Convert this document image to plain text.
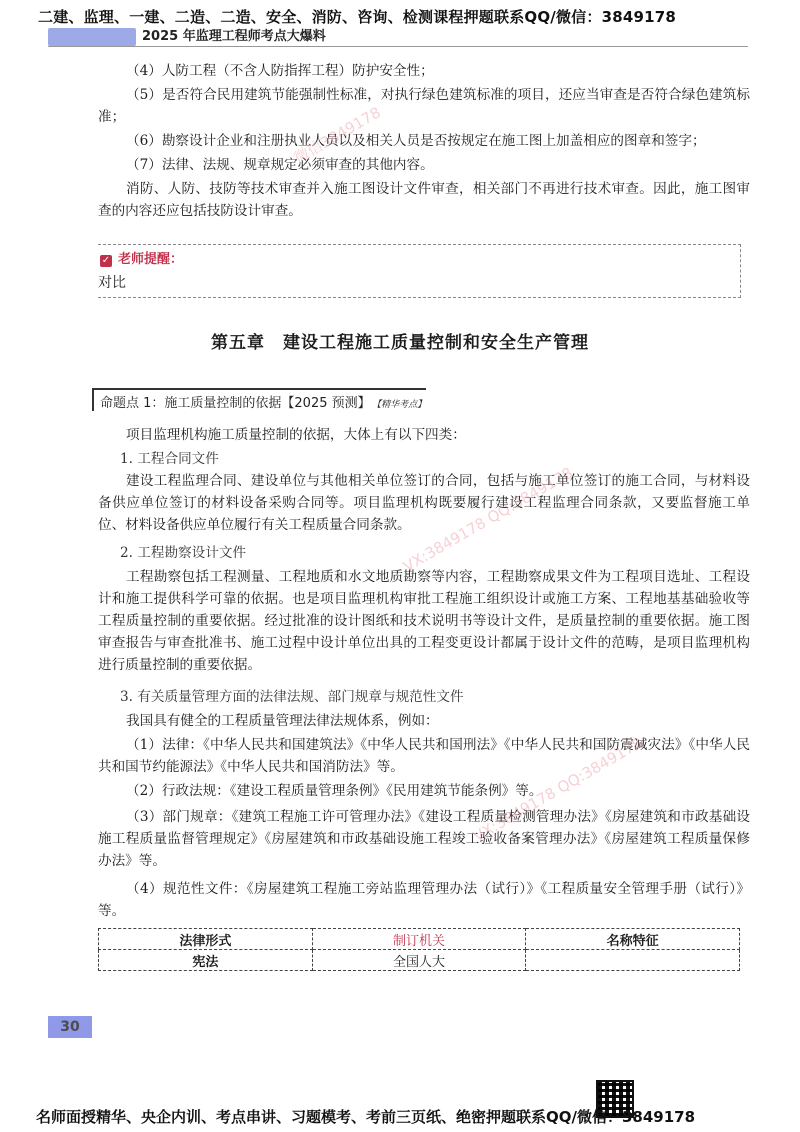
二建、监理、一建、二造、二造、安全、消防、咨询、检测课程押题联系QQ/微信：3849178
2025 年监理工程师考点大爆料
（4）人防工程（不含人防指挥工程）防护安全性；
（5）是否符合民用建筑节能强制性标准，对执行绿色建筑标准的项目，还应当审查是否符合绿色建筑标准；
（6）勘察设计企业和注册执业人员以及相关人员是否按规定在施工图上加盖相应的图章和签字；
（7）法律、法规、规章规定必须审查的其他内容。
消防、人防、技防等技术审查并入施工图设计文件审查，相关部门不再进行技术审查。因此，施工图审查的内容还应包括技防设计审查。
✓ 老师提醒：
对比
第五章　建设工程施工质量控制和安全生产管理
命题点 1：施工质量控制的依据【2025 预测】 【精华考点】
项目监理机构施工质量控制的依据，大体上有以下四类：
1. 工程合同文件
建设工程监理合同、建设单位与其他相关单位签订的合同，包括与施工单位签订的施工合同，与材料设备供应单位签订的材料设备采购合同等。项目监理机构既要履行建设工程监理合同条款，又要监督施工单位、材料设备供应单位履行有关工程质量合同条款。
2. 工程勘察设计文件
工程勘察包括工程测量、工程地质和水文地质勘察等内容，工程勘察成果文件为工程项目选址、工程设计和施工提供科学可靠的依据。也是项目监理机构审批工程施工组织设计或施工方案、工程地基基础验收等工程质量控制的重要依据。经过批准的设计图纸和技术说明书等设计文件，是质量控制的重要依据。施工图审查报告与审查批准书、施工过程中设计单位出具的工程变更设计都属于设计文件的范畴，是项目监理机构进行质量控制的重要依据。
3. 有关质量管理方面的法律法规、部门规章与规范性文件
我国具有健全的工程质量管理法律法规体系，例如：
（1）法律：《中华人民共和国建筑法》《中华人民共和国刑法》《中华人民共和国防震减灾法》《中华人民共和国节约能源法》《中华人民共和国消防法》等。
（2）行政法规：《建设工程质量管理条例》《民用建筑节能条例》等。
（3）部门规章：《建筑工程施工许可管理办法》《建设工程质量检测管理办法》《房屋建筑和市政基础设施工程质量监督管理规定》《房屋建筑和市政基础设施工程竣工验收备案管理办法》《房屋建筑工程质量保修办法》等。
（4）规范性文件：《房屋建筑工程施工旁站监理管理办法（试行）》《工程质量安全管理手册（试行）》等。
法律形式	制订机关	名称特征
宪法	全国人大	
30
微信3849178
VX:3849178 QQ:3849178
VX:3849178 QQ:3849178
名师面授精华、央企内训、考点串讲、习题模考、考前三页纸、绝密押题联系QQ/微信：3849178
